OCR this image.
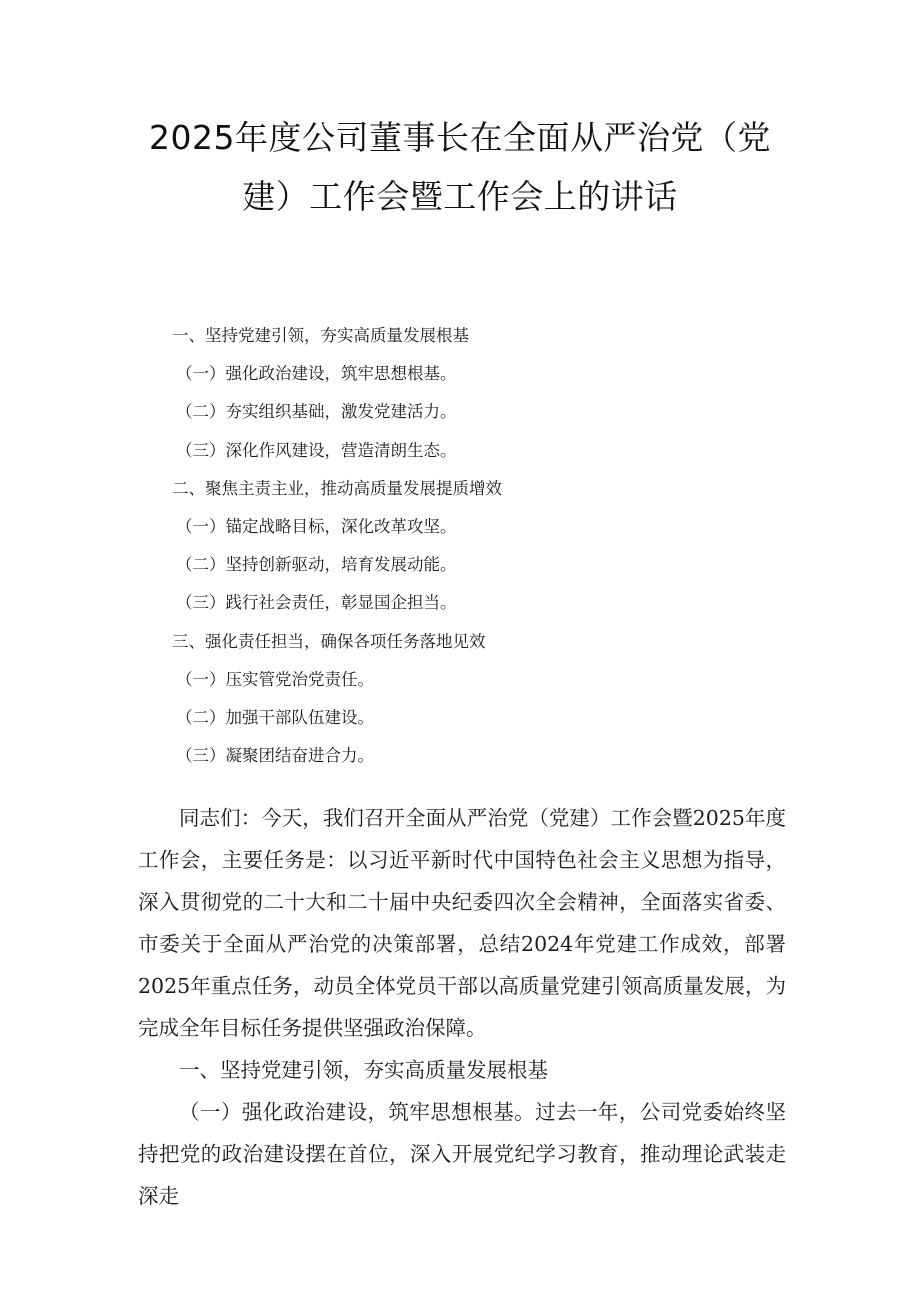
2025年度公司董事长在全面从严治党（党
建）工作会暨工作会上的讲话
一、坚持党建引领，夯实高质量发展根基
（一）强化政治建设，筑牢思想根基。
（二）夯实组织基础，激发党建活力。
（三）深化作风建设，营造清朗生态。
二、聚焦主责主业，推动高质量发展提质增效
（一）锚定战略目标，深化改革攻坚。
（二）坚持创新驱动，培育发展动能。
（三）践行社会责任，彰显国企担当。
三、强化责任担当，确保各项任务落地见效
（一）压实管党治党责任。
（二）加强干部队伍建设。
（三）凝聚团结奋进合力。

同志们：今天，我们召开全面从严治党（党建）工作会暨2025年度工作会，主要任务是：以习近平新时代中国特色社会主义思想为指导，深入贯彻党的二十大和二十届中央纪委四次全会精神，全面落实省委、市委关于全面从严治党的决策部署，总结2024年党建工作成效，部署2025年重点任务，动员全体党员干部以高质量党建引领高质量发展，为完成全年目标任务提供坚强政治保障。

一、坚持党建引领，夯实高质量发展根基

（一）强化政治建设，筑牢思想根基。过去一年，公司党委始终坚持把党的政治建设摆在首位，深入开展党纪学习教育，推动理论武装走深走
